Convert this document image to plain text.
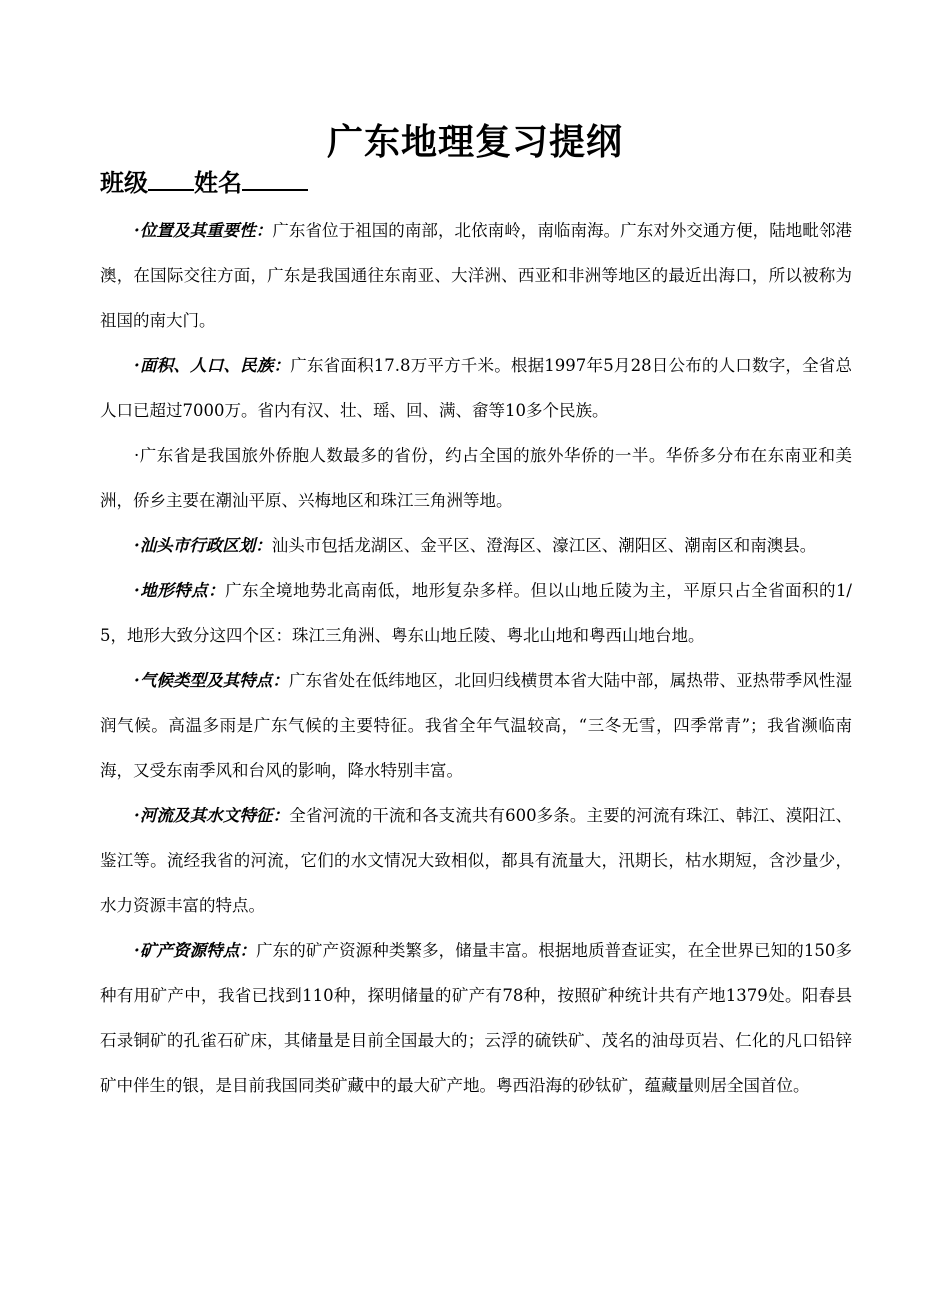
广东地理复习提纲

班级 姓名

·位置及其重要性：广东省位于祖国的南部，北依南岭，南临南海。广东对外交通方便，陆地毗邻港澳，在国际交往方面，广东是我国通往东南亚、大洋洲、西亚和非洲等地区的最近出海口，所以被称为祖国的南大门。

·面积、人口、民族：广东省面积17.8万平方千米。根据1997年5月28日公布的人口数字，全省总人口已超过7000万。省内有汉、壮、瑶、回、满、畲等10多个民族。

·广东省是我国旅外侨胞人数最多的省份，约占全国的旅外华侨的一半。华侨多分布在东南亚和美洲，侨乡主要在潮汕平原、兴梅地区和珠江三角洲等地。

·汕头市行政区划：汕头市包括龙湖区、金平区、澄海区、濠江区、潮阳区、潮南区和南澳县。

·地形特点：广东全境地势北高南低，地形复杂多样。但以山地丘陵为主，平原只占全省面积的1/5，地形大致分这四个区：珠江三角洲、粤东山地丘陵、粤北山地和粤西山地台地。

·气候类型及其特点：广东省处在低纬地区，北回归线横贯本省大陆中部，属热带、亚热带季风性湿润气候。高温多雨是广东气候的主要特征。我省全年气温较高，“三冬无雪，四季常青”；我省濒临南海，又受东南季风和台风的影响，降水特别丰富。

·河流及其水文特征：全省河流的干流和各支流共有600多条。主要的河流有珠江、韩江、漠阳江、鉴江等。流经我省的河流，它们的水文情况大致相似，都具有流量大，汛期长，枯水期短，含沙量少，水力资源丰富的特点。

·矿产资源特点：广东的矿产资源种类繁多，储量丰富。根据地质普查证实，在全世界已知的150多种有用矿产中，我省已找到110种，探明储量的矿产有78种，按照矿种统计共有产地1379处。阳春县石录铜矿的孔雀石矿床，其储量是目前全国最大的；云浮的硫铁矿、茂名的油母页岩、仁化的凡口铅锌矿中伴生的银，是目前我国同类矿藏中的最大矿产地。粤西沿海的砂钛矿，蕴藏量则居全国首位。
